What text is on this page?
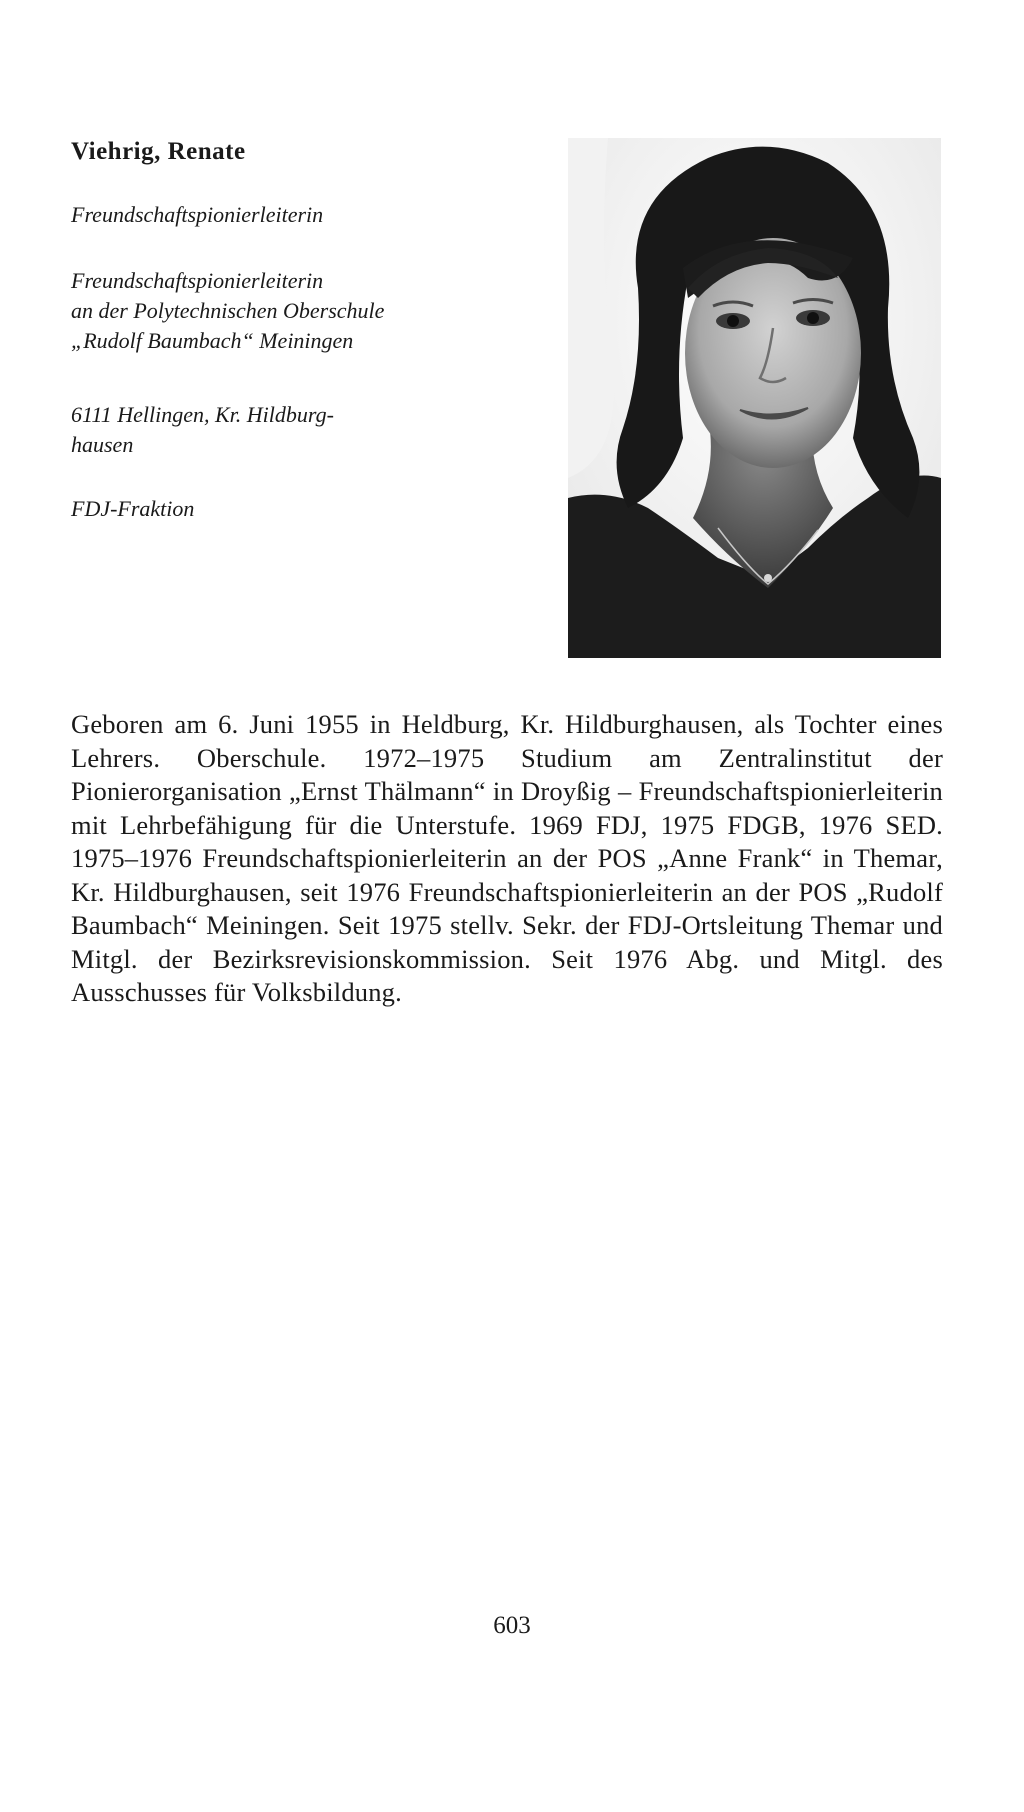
Viehrig, Renate
Freundschaftspionierleiterin
Freundschaftspionierleiterin
an der Polytechnischen Oberschule
„Rudolf Baumbach“ Meiningen
6111 Hellingen, Kr. Hildburg-
hausen
FDJ-Fraktion
Geboren am 6. Juni 1955 in Heldburg, Kr. Hildburghausen, als Tochter eines Lehrers. Oberschule. 1972–1975 Studium am Zentralinstitut der Pionierorganisation „Ernst Thälmann“ in Droyßig – Freundschaftspionierleiterin mit Lehrbefähigung für die Unterstufe. 1969 FDJ, 1975 FDGB, 1976 SED. 1975–1976 Freundschaftspionierleiterin an der POS „Anne Frank“ in Themar, Kr. Hildburghausen, seit 1976 Freundschaftspionierleiterin an der POS „Rudolf Baumbach“ Meiningen. Seit 1975 stellv. Sekr. der FDJ-Ortsleitung Themar und Mitgl. der Bezirksrevisionskommission. Seit 1976 Abg. und Mitgl. des Ausschusses für Volksbildung.
603
